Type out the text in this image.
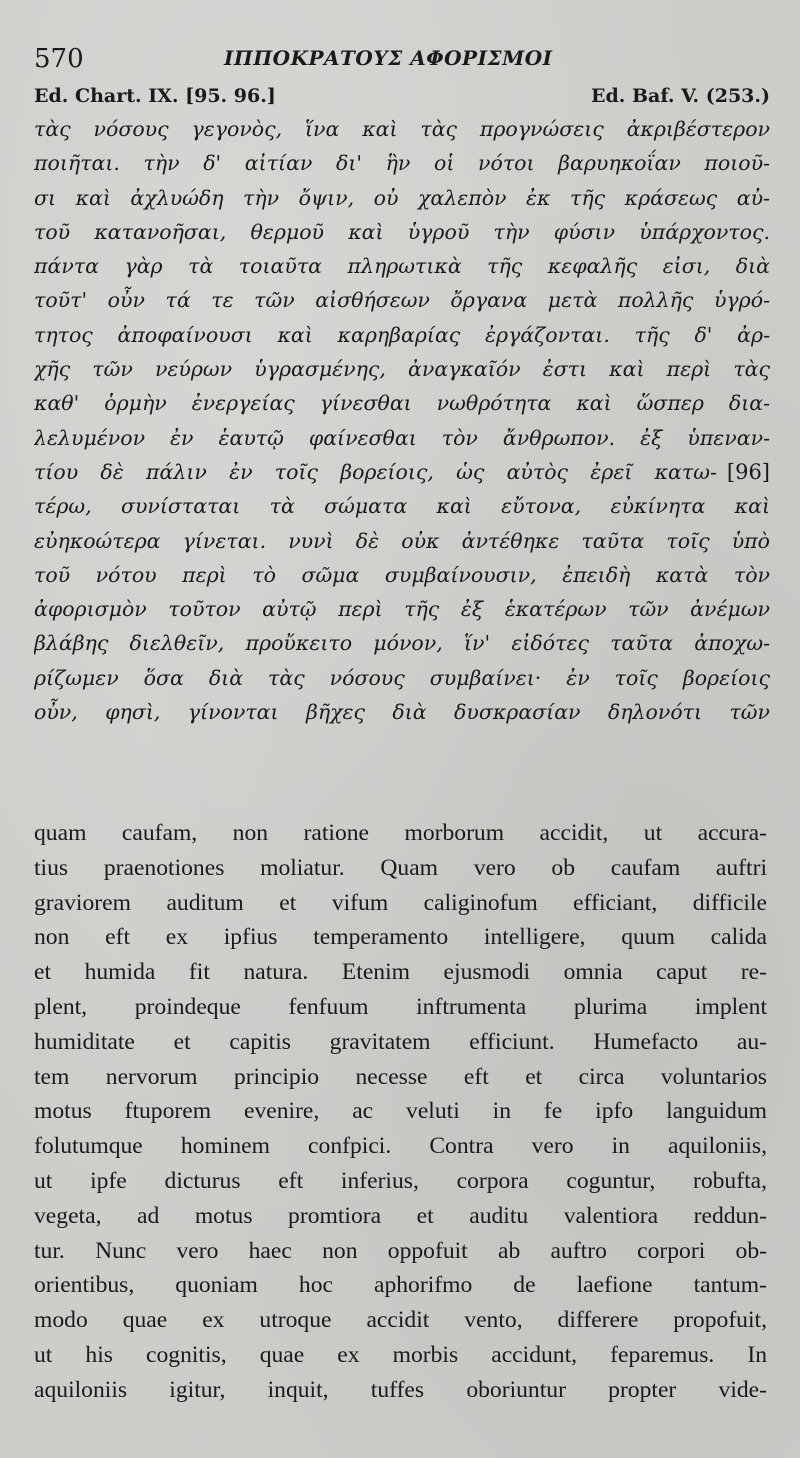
570	ΙΠΠΟΚΡΑΤΟΥΣ ΑΦΟΡΙΣΜΟΙ
Ed. Chart. IX. [95. 96.]	Ed. Baf. V. (253.)
τὰς νόσους γεγονὸς, ἵνα καὶ τὰς προγνώσεις ἀκριβέστερον
ποιῆται. τὴν δ' αἰτίαν δι' ἣν οἱ νότοι βαρυηκοΐαν ποιοῦ-
σι καὶ ἀχλυώδη τὴν ὄψιν, οὐ χαλεπὸν ἐκ τῆς κράσεως αὐ-
τοῦ κατανοῆσαι, θερμοῦ καὶ ὑγροῦ τὴν φύσιν ὑπάρχοντος.
πάντα γὰρ τὰ τοιαῦτα πληρωτικὰ τῆς κεφαλῆς εἰσι, διὰ
τοῦτ' οὖν τά τε τῶν αἰσθήσεων ὄργανα μετὰ πολλῆς ὑγρό-
τητος ἀποφαίνουσι καὶ καρηβαρίας ἐργάζονται. τῆς δ' ἀρ-
χῆς τῶν νεύρων ὑγρασμένης, ἀναγκαῖόν ἐστι καὶ περὶ τὰς
καθ' ὁρμὴν ἐνεργείας γίνεσθαι νωθρότητα καὶ ὥσπερ δια-
λελυμένον ἐν ἑαυτῷ φαίνεσθαι τὸν ἄνθρωπον. ἐξ ὑπεναν-
τίου δὲ πάλιν ἐν τοῖς βορείοις, ὡς αὐτὸς ἐρεῖ κατω- [96]
τέρω, συνίσταται τὰ σώματα καὶ εὔτονα, εὐκίνητα καὶ
εὐηκοώτερα γίνεται. νυνὶ δὲ οὐκ ἀντέθηκε ταῦτα τοῖς ὑπὸ
τοῦ νότου περὶ τὸ σῶμα συμβαίνουσιν, ἐπειδὴ κατὰ τὸν
ἀφορισμὸν τοῦτον αὐτῷ περὶ τῆς ἐξ ἑκατέρων τῶν ἀνέμων
βλάβης διελθεῖν, προὔκειτο μόνον, ἵν' εἰδότες ταῦτα ἀποχω-
ρίζωμεν ὅσα διὰ τὰς νόσους συμβαίνει· ἐν τοῖς βορείοις
οὖν, φησὶ, γίνονται βῆχες διὰ δυσκρασίαν δηλονότι τῶν
quam caufam, non ratione morborum accidit, ut accura-
tius praenotiones moliatur. Quam vero ob caufam auftri
graviorem auditum et vifum caliginofum efficiant, difficile
non eft ex ipfius temperamento intelligere, quum calida
et humida fit natura. Etenim ejusmodi omnia caput re-
plent, proindeque fenfuum inftrumenta plurima implent
humiditate et capitis gravitatem efficiunt. Humefacto au-
tem nervorum principio necesse eft et circa voluntarios
motus ftuporem evenire, ac veluti in fe ipfo languidum
folutumque hominem confpici. Contra vero in aquiloniis,
ut ipfe dicturus eft inferius, corpora coguntur, robufta,
vegeta, ad motus promtiora et auditu valentiora reddun-
tur. Nunc vero haec non oppofuit ab auftro corpori ob-
orientibus, quoniam hoc aphorifmo de laefione tantum-
modo quae ex utroque accidit vento, differere propofuit,
ut his cognitis, quae ex morbis accidunt, feparemus. In
aquiloniis igitur, inquit, tuffes oboriuntur propter vide-
